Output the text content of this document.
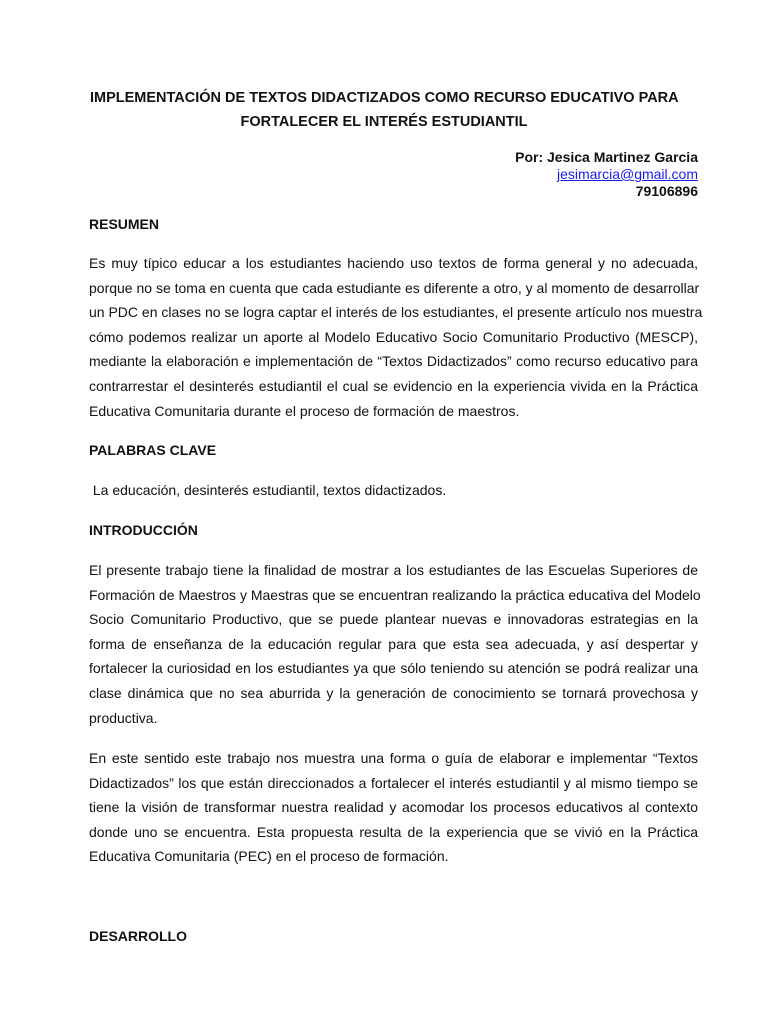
IMPLEMENTACIÓN DE TEXTOS DIDACTIZADOS COMO RECURSO EDUCATIVO PARA
FORTALECER EL INTERÉS ESTUDIANTIL
Por: Jesica Martinez Garcia
jesimarcia@gmail.com
79106896
RESUMEN
Es muy típico educar a los estudiantes haciendo uso textos de forma general y no adecuada,
porque no se toma en cuenta que cada estudiante es diferente a otro, y al momento de desarrollar
un PDC en clases no se logra captar el interés de los estudiantes, el presente artículo nos muestra
cómo podemos realizar un aporte al Modelo Educativo Socio Comunitario Productivo (MESCP),
mediante la elaboración e implementación de “Textos Didactizados” como recurso educativo para
contrarrestar el desinterés estudiantil el cual se evidencio en la experiencia vivida en la Práctica
Educativa Comunitaria durante el proceso de formación de maestros.
PALABRAS CLAVE
La educación, desinterés estudiantil, textos didactizados.
INTRODUCCIÓN
El presente trabajo tiene la finalidad de mostrar a los estudiantes de las Escuelas Superiores de
Formación de Maestros y Maestras que se encuentran realizando la práctica educativa del Modelo
Socio Comunitario Productivo, que se puede plantear nuevas e innovadoras estrategias en la
forma de enseñanza de la educación regular para que esta sea adecuada, y así despertar y
fortalecer la curiosidad en los estudiantes ya que sólo teniendo su atención se podrá realizar una
clase dinámica que no sea aburrida y la generación de conocimiento se tornará provechosa y
productiva.
En este sentido este trabajo nos muestra una forma o guía de elaborar e implementar “Textos
Didactizados” los que están direccionados a fortalecer el interés estudiantil y al mismo tiempo se
tiene la visión de transformar nuestra realidad y acomodar los procesos educativos al contexto
donde uno se encuentra. Esta propuesta resulta de la experiencia que se vivió en la Práctica
Educativa Comunitaria (PEC) en el proceso de formación.
DESARROLLO
